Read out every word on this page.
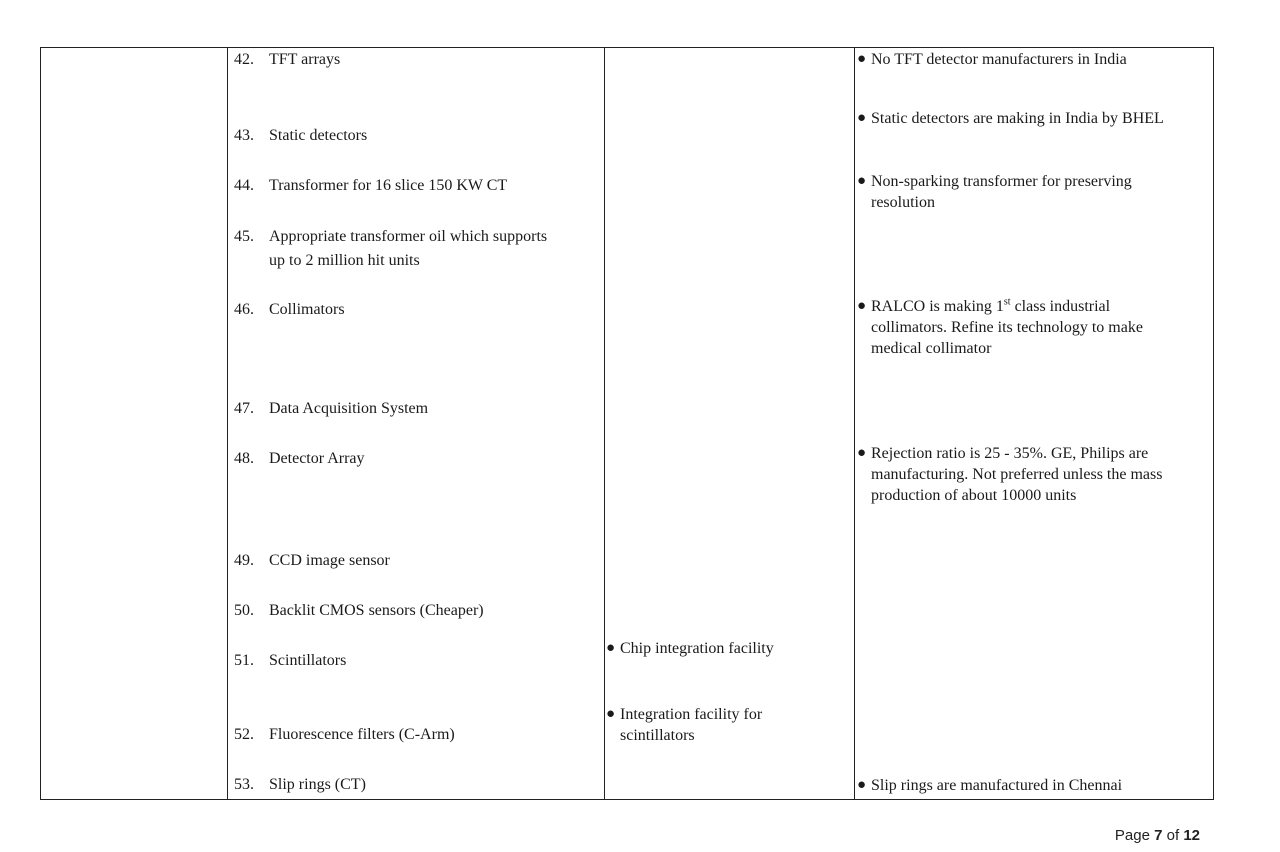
42. TFT arrays
43. Static detectors
44. Transformer for 16 slice 150 KW CT
45. Appropriate transformer oil which supports
up to 2 million hit units
46. Collimators
47. Data Acquisition System
48. Detector Array
49. CCD image sensor
50. Backlit CMOS sensors (Cheaper)
51. Scintillators
52. Fluorescence filters (C-Arm)
53. Slip rings (CT)
● Chip integration facility
● Integration facility for
scintillators
● No TFT detector manufacturers in India
● Static detectors are making in India by BHEL
● Non-sparking transformer for preserving
resolution
● RALCO is making 1st class industrial
collimators. Refine its technology to make
medical collimator
● Rejection ratio is 25 - 35%. GE, Philips are
manufacturing. Not preferred unless the mass
production of about 10000 units
● Slip rings are manufactured in Chennai
Page 7 of 12
